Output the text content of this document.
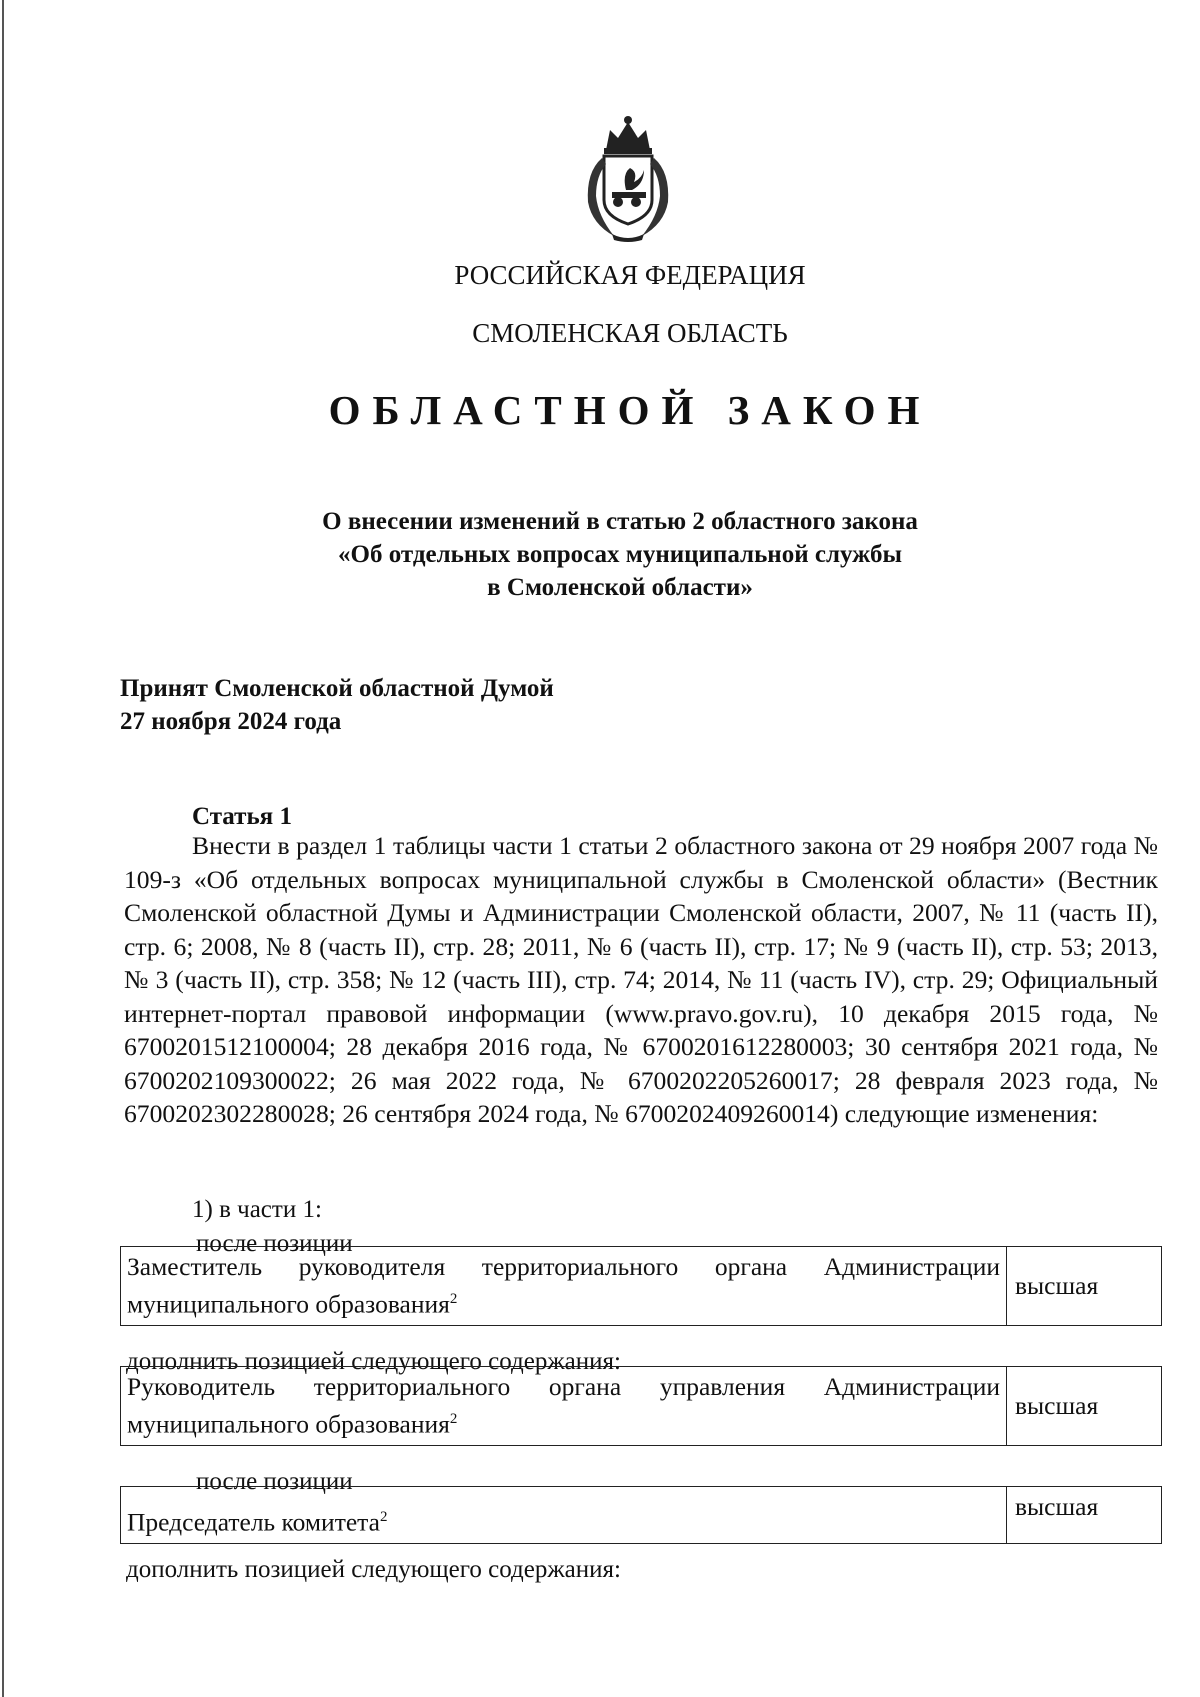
РОССИЙСКАЯ ФЕДЕРАЦИЯ
СМОЛЕНСКАЯ ОБЛАСТЬ
ОБЛАСТНОЙ ЗАКОН
О внесении изменений в статью 2 областного закона
«Об отдельных вопросах муниципальной службы
в Смоленской области»
Принят Смоленской областной Думой
27 ноября 2024 года
Статья 1

Внести в раздел 1 таблицы части 1 статьи 2 областного закона от 29 ноября 2007 года № 109-з «Об отдельных вопросах муниципальной службы в Смоленской области» (Вестник Смоленской областной Думы и Администрации Смоленской области, 2007, № 11 (часть II), стр. 6; 2008, № 8 (часть II), стр. 28; 2011, № 6 (часть II), стр. 17; № 9 (часть II), стр. 53; 2013, № 3 (часть II), стр. 358; № 12 (часть III), стр. 74; 2014, № 11 (часть IV), стр. 29; Официальный интернет-портал правовой информации (www.pravo.gov.ru), 10 декабря 2015 года, № 6700201512100004; 28 декабря 2016 года, № 6700201612280003; 30 сентября 2021 года, № 6700202109300022; 26 мая 2022 года, № 6700202205260017; 28 февраля 2023 года, № 6700202302280028; 26 сентября 2024 года, № 6700202409260014) следующие изменения:

1) в части 1:
после позиции
Заместитель руководителя территориального органа Администрации муниципального образования$^2$	высшая
дополнить позицией следующего содержания:
Руководитель территориального органа управления Администрации муниципального образования$^2$	высшая
после позиции
Председатель комитета$^2$	высшая
дополнить позицией следующего содержания:
